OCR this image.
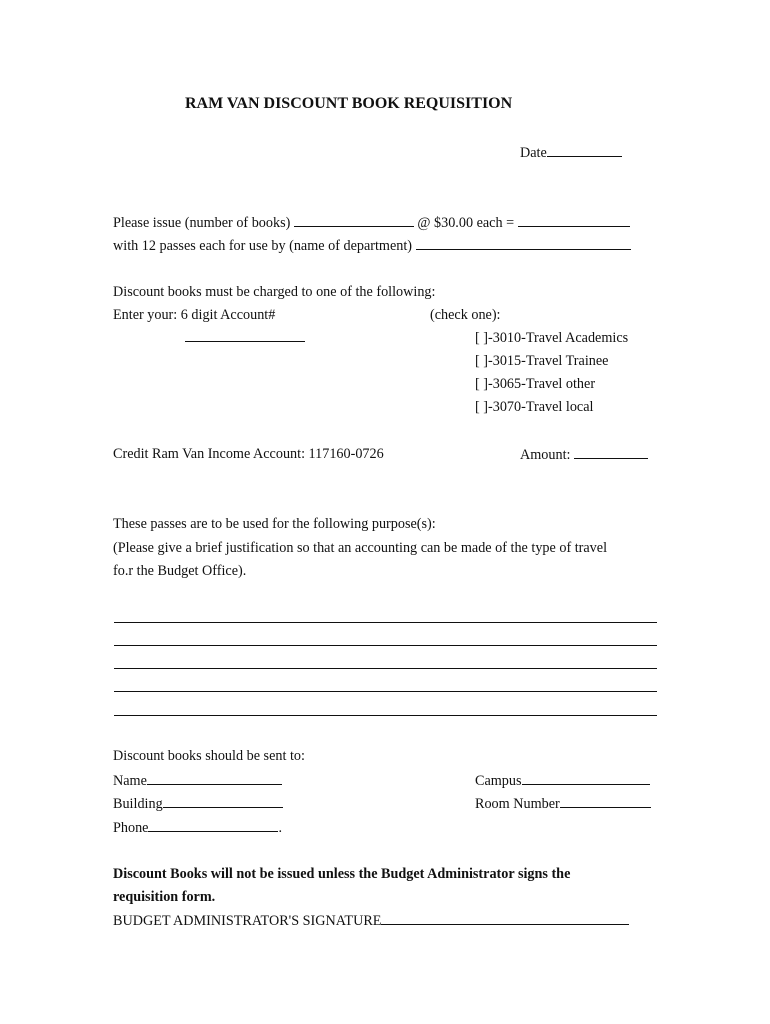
RAM VAN DISCOUNT BOOK REQUISITION
Date
Please issue (number of books)	@ $30.00 each =
with 12 passes each for use by (name of department)
Discount books must be charged to one of the following:
Enter your: 6 digit Account#	(check one):
[ ]-3010-Travel Academics
[ ]-3015-Travel Trainee
[ ]-3065-Travel other
[ ]-3070-Travel local
Credit Ram Van Income Account: 117160-0726	Amount:
These passes are to be used for the following purpose(s):
(Please give a brief justification so that an accounting can be made of the type of travel
fo.r the Budget Office).
Discount books should be sent to:
Name	Campus
Building	Room Number
Phone	.
Discount Books will not be issued unless the Budget Administrator signs the
requisition form.
BUDGET ADMINISTRATOR'S SIGNATURE
